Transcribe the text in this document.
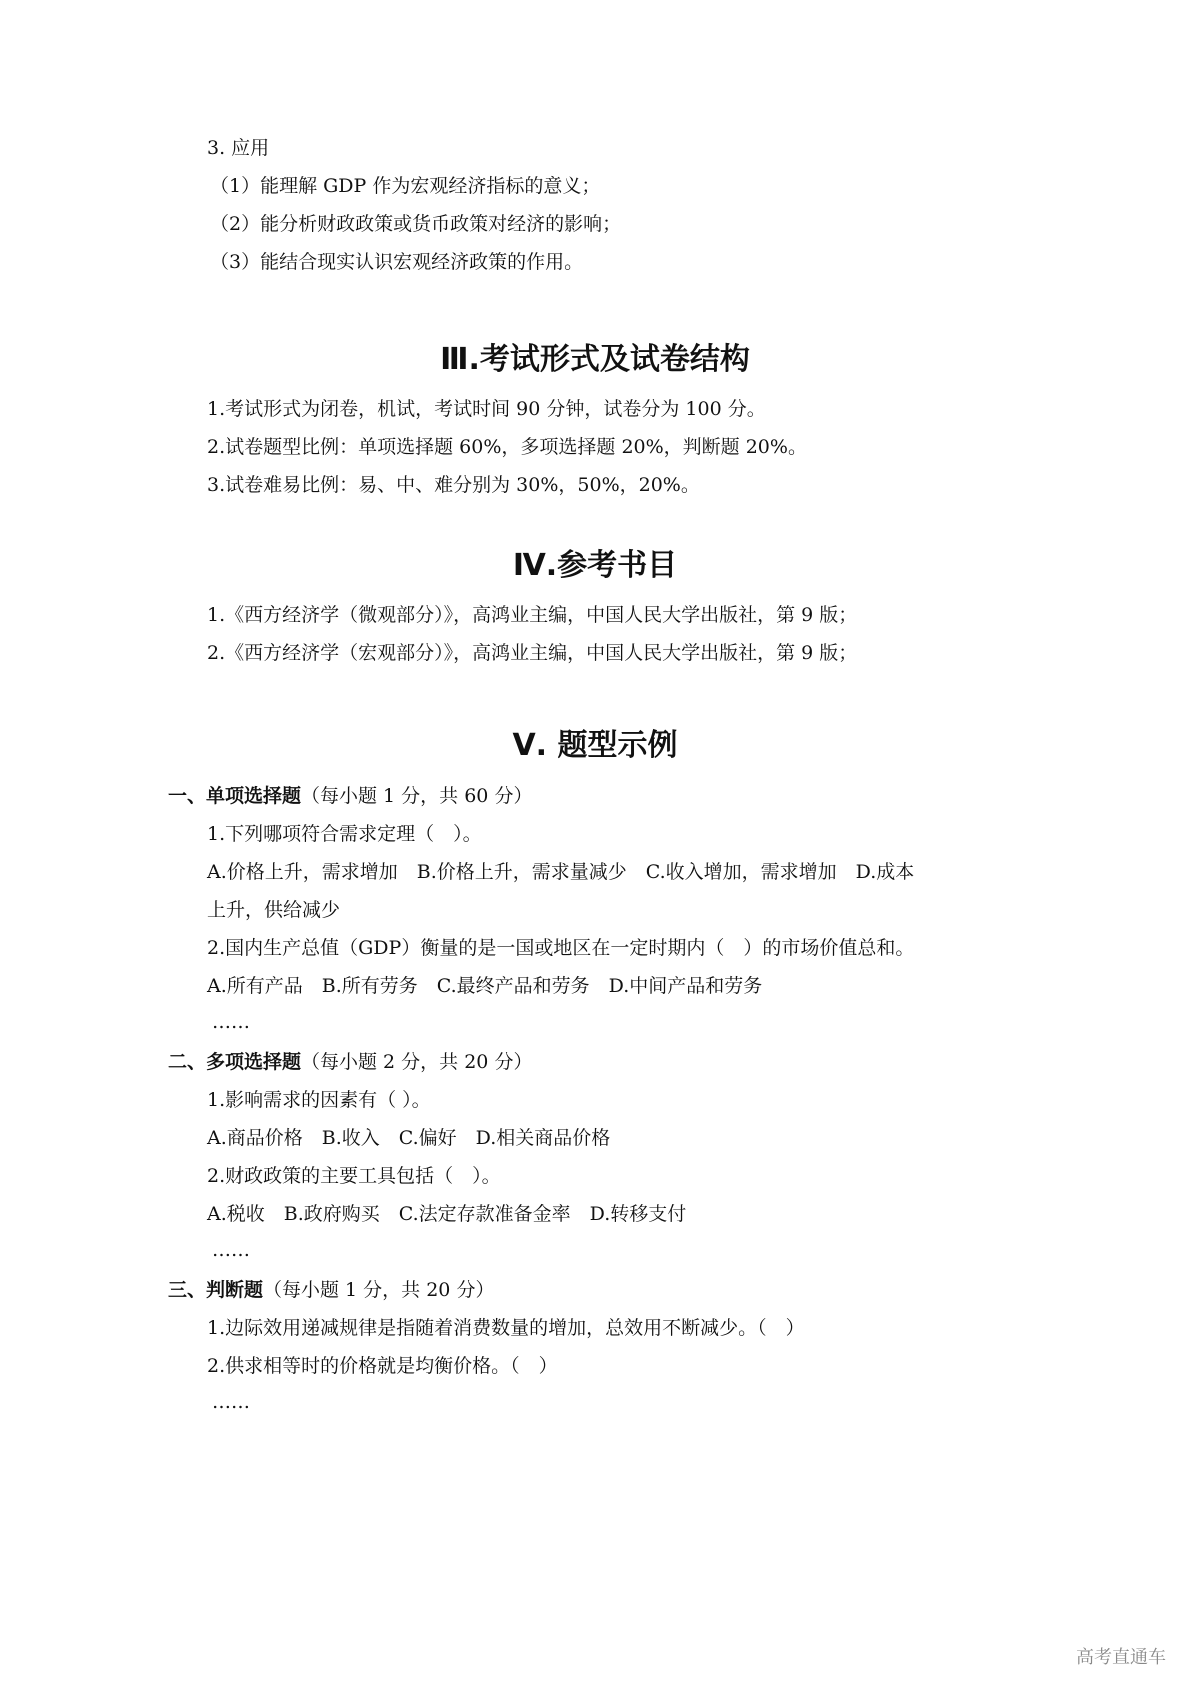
3. 应用

（1）能理解 GDP 作为宏观经济指标的意义；

（2）能分析财政政策或货币政策对经济的影响；

（3）能结合现实认识宏观经济政策的作用。

Ⅲ.考试形式及试卷结构

1.考试形式为闭卷，机试，考试时间 90 分钟，试卷分为 100 分。

2.试卷题型比例：单项选择题 60%，多项选择题 20%，判断题 20%。

3.试卷难易比例：易、中、难分别为 30%，50%，20%。

Ⅳ.参考书目

1.《西方经济学（微观部分）》，高鸿业主编，中国人民大学出版社，第 9 版；

2.《西方经济学（宏观部分）》，高鸿业主编，中国人民大学出版社，第 9 版；

Ⅴ. 题型示例

一、单项选择题（每小题 1 分，共 60 分）

1.下列哪项符合需求定理（　）。

A.价格上升，需求增加　B.价格上升，需求量减少　C.收入增加，需求增加　D.成本

上升，供给减少

2.国内生产总值（GDP）衡量的是一国或地区在一定时期内（　）的市场价值总和。

A.所有产品　B.所有劳务　C.最终产品和劳务　D.中间产品和劳务

……

二、多项选择题（每小题 2 分，共 20 分）

1.影响需求的因素有（ ）。

A.商品价格　B.收入　C.偏好　D.相关商品价格

2.财政政策的主要工具包括（　）。

A.税收　B.政府购买　C.法定存款准备金率　D.转移支付

……

三、判断题（每小题 1 分，共 20 分）

1.边际效用递减规律是指随着消费数量的增加，总效用不断减少。（　）

2.供求相等时的价格就是均衡价格。（　）

……

高考直通车
